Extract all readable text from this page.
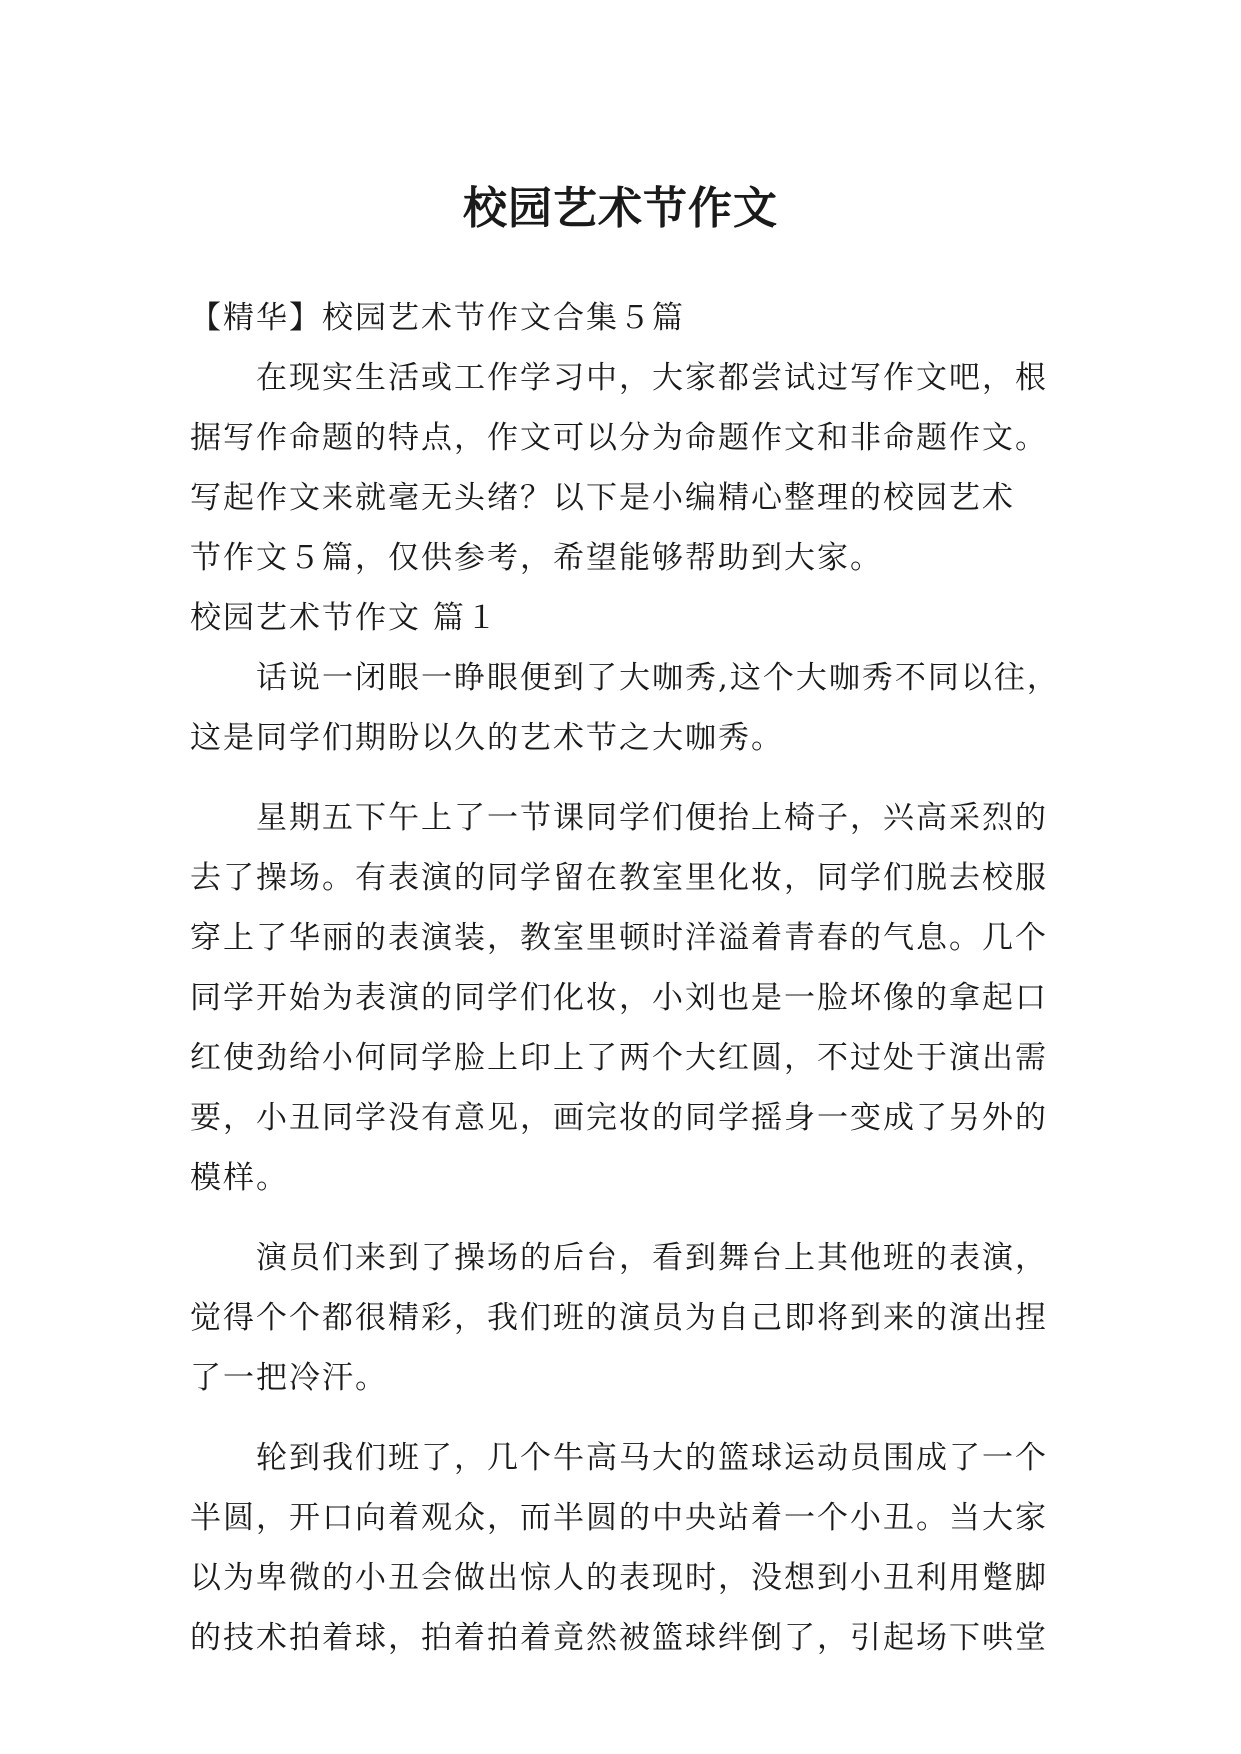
校园艺术节作文

【精华】校园艺术节作文合集５篇

在现实生活或工作学习中，大家都尝试过写作文吧，根

据写作命题的特点，作文可以分为命题作文和非命题作文。

写起作文来就毫无头绪？以下是小编精心整理的校园艺术

节作文５篇，仅供参考，希望能够帮助到大家。

校园艺术节作文 篇１

话说一闭眼一睁眼便到了大咖秀,这个大咖秀不同以往，

这是同学们期盼以久的艺术节之大咖秀。

星期五下午上了一节课同学们便抬上椅子，兴高采烈的

去了操场。有表演的同学留在教室里化妆，同学们脱去校服

穿上了华丽的表演装，教室里顿时洋溢着青春的气息。几个

同学开始为表演的同学们化妆，小刘也是一脸坏像的拿起口

红使劲给小何同学脸上印上了两个大红圆，不过处于演出需

要，小丑同学没有意见，画完妆的同学摇身一变成了另外的

模样。

演员们来到了操场的后台，看到舞台上其他班的表演，

觉得个个都很精彩，我们班的演员为自己即将到来的演出捏

了一把冷汗。

轮到我们班了，几个牛高马大的篮球运动员围成了一个

半圆，开口向着观众，而半圆的中央站着一个小丑。当大家

以为卑微的小丑会做出惊人的表现时，没想到小丑利用蹩脚

的技术拍着球，拍着拍着竟然被篮球绊倒了，引起场下哄堂
